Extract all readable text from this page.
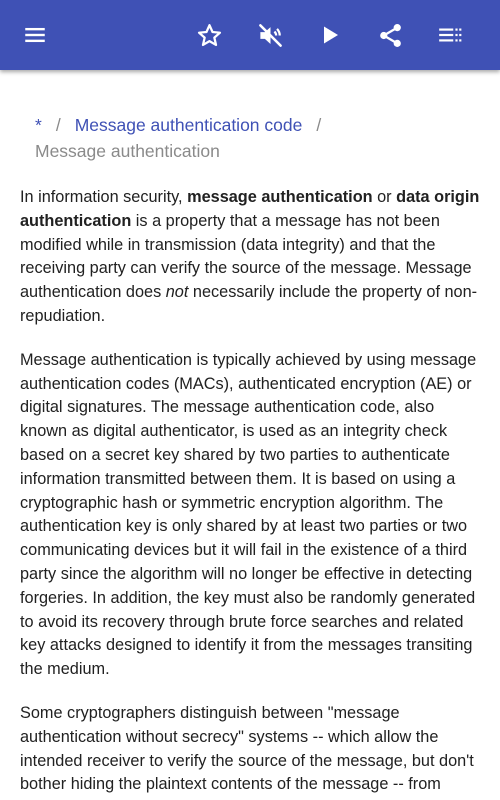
* / Message authentication code /
Message authentication

In information security, message authentication or data origin authentication is a property that a message has not been modified while in transmission (data integrity) and that the receiving party can verify the source of the message. Message authentication does not necessarily include the property of non-repudiation.

Message authentication is typically achieved by using message authentication codes (MACs), authenticated encryption (AE) or digital signatures. The message authentication code, also known as digital authenticator, is used as an integrity check based on a secret key shared by two parties to authenticate information transmitted between them. It is based on using a cryptographic hash or symmetric encryption algorithm. The authentication key is only shared by at least two parties or two communicating devices but it will fail in the existence of a third party since the algorithm will no longer be effective in detecting forgeries. In addition, the key must also be randomly generated to avoid its recovery through brute force searches and related key attacks designed to identify it from the messages transiting the medium.

Some cryptographers distinguish between "message authentication without secrecy" systems -- which allow the intended receiver to verify the source of the message, but don't bother hiding the plaintext contents of the message -- from
